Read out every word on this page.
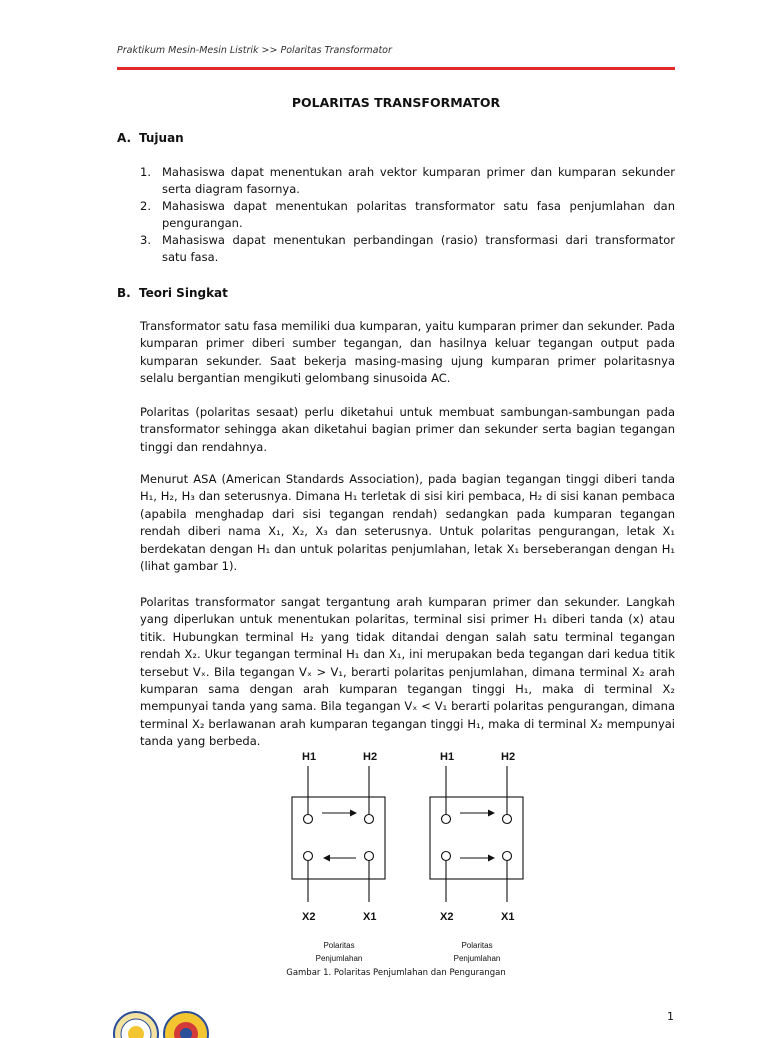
Praktikum Mesin-Mesin Listrik >> Polaritas Transformator
POLARITAS TRANSFORMATOR
A. Tujuan
1. Mahasiswa dapat menentukan arah vektor kumparan primer dan kumparan sekunder serta diagram fasornya.
2. Mahasiswa dapat menentukan polaritas transformator satu fasa penjumlahan dan pengurangan.
3. Mahasiswa dapat menentukan perbandingan (rasio) transformasi dari transformator satu fasa.
B. Teori Singkat

Transformator satu fasa memiliki dua kumparan, yaitu kumparan primer dan sekunder. Pada kumparan primer diberi sumber tegangan, dan hasilnya keluar tegangan output pada kumparan sekunder. Saat bekerja masing-masing ujung kumparan primer polaritasnya selalu bergantian mengikuti gelombang sinusoida AC.

Polaritas (polaritas sesaat) perlu diketahui untuk membuat sambungan-sambungan pada transformator sehingga akan diketahui bagian primer dan sekunder serta bagian tegangan tinggi dan rendahnya.

Menurut ASA (American Standards Association), pada bagian tegangan tinggi diberi tanda H₁, H₂, H₃ dan seterusnya. Dimana H₁ terletak di sisi kiri pembaca, H₂ di sisi kanan pembaca (apabila menghadap dari sisi tegangan rendah) sedangkan pada kumparan tegangan rendah diberi nama X₁, X₂, X₃ dan seterusnya. Untuk polaritas pengurangan, letak X₁ berdekatan dengan H₁ dan untuk polaritas penjumlahan, letak X₁ berseberangan dengan H₁ (lihat gambar 1).

Polaritas transformator sangat tergantung arah kumparan primer dan sekunder. Langkah yang diperlukan untuk menentukan polaritas, terminal sisi primer H₁ diberi tanda (x) atau titik. Hubungkan terminal H₂ yang tidak ditandai dengan salah satu terminal tegangan rendah X₂. Ukur tegangan terminal H₁ dan X₁, ini merupakan beda tegangan dari kedua titik tersebut Vₓ. Bila tegangan Vₓ > V₁, berarti polaritas penjumlahan, dimana terminal X₂ arah kumparan sama dengan arah kumparan tegangan tinggi H₁, maka di terminal X₂ mempunyai tanda yang sama. Bila tegangan Vₓ < V₁ berarti polaritas pengurangan, dimana terminal X₂ berlawanan arah kumparan tegangan tinggi H₁, maka di terminal X₂ mempunyai tanda yang berbeda.

H1	H2
X2	X1
Polaritas
Penjumlahan
H1	H2
X2	X1
Polaritas
Penjumlahan
Gambar 1. Polaritas Penjumlahan dan Pengurangan
1
